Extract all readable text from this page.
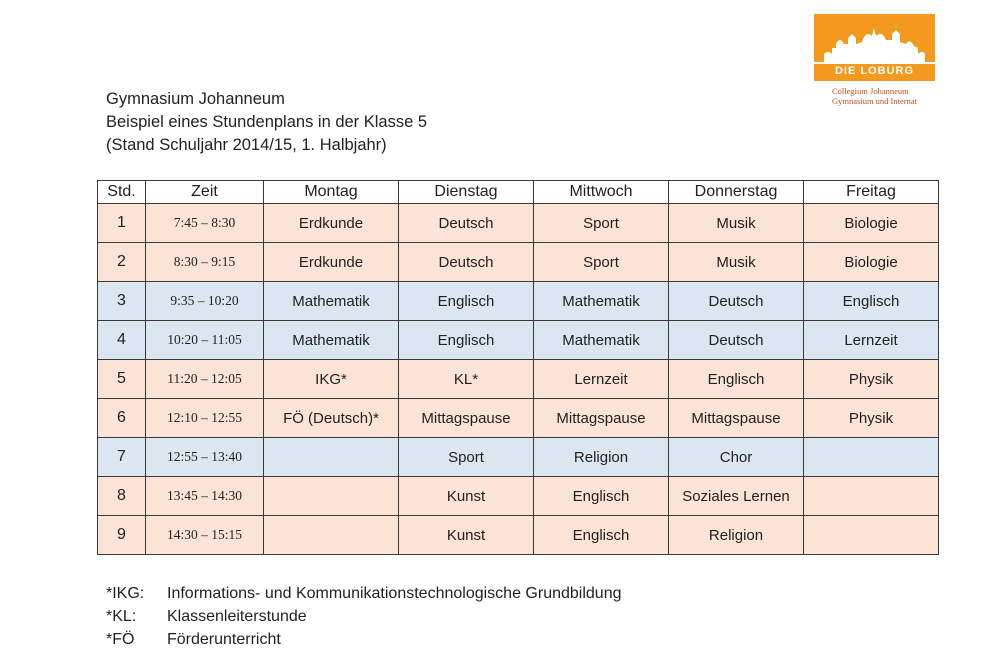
Gymnasium Johanneum
Beispiel eines Stundenplans in der Klasse 5
(Stand Schuljahr 2014/15, 1. Halbjahr)
DIE LOBURG
Collegium Johanneum
Gymnasium und Internat
Std.	Zeit	Montag	Dienstag	Mittwoch	Donnerstag	Freitag
1	7:45 – 8:30	Erdkunde	Deutsch	Sport	Musik	Biologie
2	8:30 – 9:15	Erdkunde	Deutsch	Sport	Musik	Biologie
3	9:35 – 10:20	Mathematik	Englisch	Mathematik	Deutsch	Englisch
4	10:20 – 11:05	Mathematik	Englisch	Mathematik	Deutsch	Lernzeit
5	11:20 – 12:05	IKG*	KL*	Lernzeit	Englisch	Physik
6	12:10 – 12:55	FÖ (Deutsch)*	Mittagspause	Mittagspause	Mittagspause	Physik
7	12:55 – 13:40		Sport	Religion	Chor	
8	13:45 – 14:30		Kunst	Englisch	Soziales Lernen	
9	14:30 – 15:15		Kunst	Englisch	Religion	
*IKG:	Informations- und Kommunikationstechnologische Grundbildung
*KL:	Klassenleiterstunde
*FÖ	Förderunterricht
